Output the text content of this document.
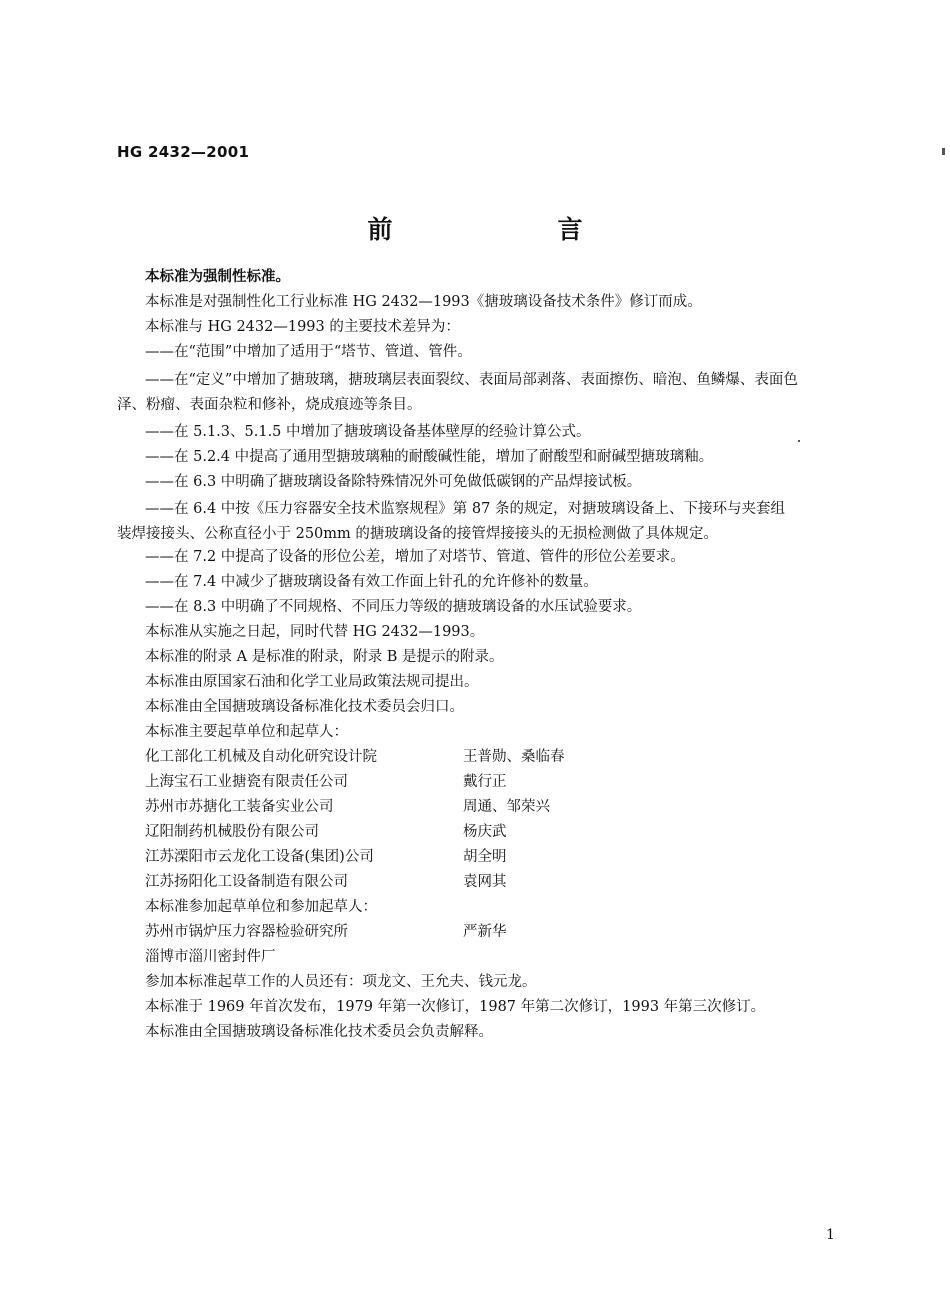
HG 2432—2001
前　言
本标准为强制性标准。
本标准是对强制性化工行业标准 HG 2432—1993《搪玻璃设备技术条件》修订而成。
本标准与 HG 2432—1993 的主要技术差异为：
——在“范围”中增加了适用于“塔节、管道、管件。
——在“定义”中增加了搪玻璃，搪玻璃层表面裂纹、表面局部剥落、表面擦伤、暗泡、鱼鳞爆、表面色
泽、粉瘤、表面杂粒和修补，烧成痕迹等条目。
——在 5.1.3、5.1.5 中增加了搪玻璃设备基体壁厚的经验计算公式。
——在 5.2.4 中提高了通用型搪玻璃釉的耐酸碱性能，增加了耐酸型和耐碱型搪玻璃釉。
——在 6.3 中明确了搪玻璃设备除特殊情况外可免做低碳钢的产品焊接试板。
——在 6.4 中按《压力容器安全技术监察规程》第 87 条的规定，对搪玻璃设备上、下接环与夹套组
装焊接接头、公称直径小于 250mm 的搪玻璃设备的接管焊接接头的无损检测做了具体规定。
——在 7.2 中提高了设备的形位公差，增加了对塔节、管道、管件的形位公差要求。
——在 7.4 中减少了搪玻璃设备有效工作面上针孔的允许修补的数量。
——在 8.3 中明确了不同规格、不同压力等级的搪玻璃设备的水压试验要求。
本标准从实施之日起，同时代替 HG 2432—1993。
本标准的附录 A 是标准的附录，附录 B 是提示的附录。
本标准由原国家石油和化学工业局政策法规司提出。
本标准由全国搪玻璃设备标准化技术委员会归口。
本标准主要起草单位和起草人：
化工部化工机械及自动化研究设计院	王普勋、桑临春
上海宝石工业搪瓷有限责任公司	戴行正
苏州市苏搪化工装备实业公司	周通、邹荣兴
辽阳制药机械股份有限公司	杨庆武
江苏溧阳市云龙化工设备(集团)公司	胡全明
江苏扬阳化工设备制造有限公司	袁网其
本标准参加起草单位和参加起草人：
苏州市锅炉压力容器检验研究所	严新华
淄博市淄川密封件厂
参加本标准起草工作的人员还有：项龙文、王允夫、钱元龙。
本标准于 1969 年首次发布，1979 年第一次修订，1987 年第二次修订，1993 年第三次修订。
本标准由全国搪玻璃设备标准化技术委员会负责解释。
1
